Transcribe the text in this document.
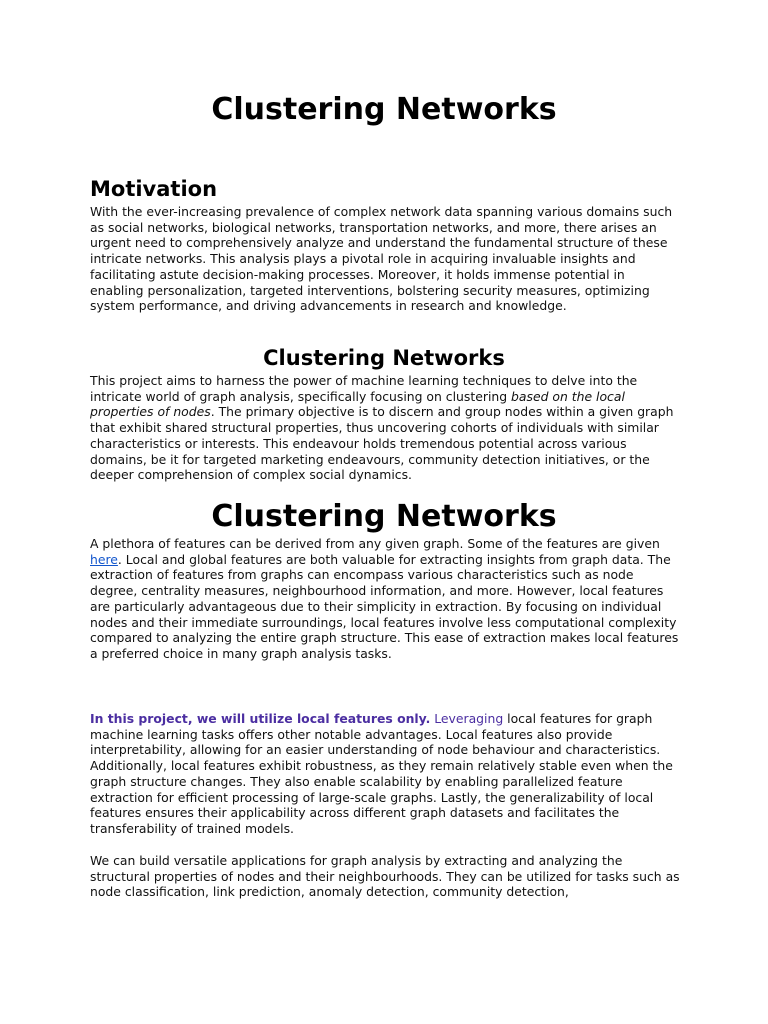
Clustering Networks
Motivation

With the ever-increasing prevalence of complex network data spanning various domains such as social networks, biological networks, transportation networks, and more, there arises an urgent need to comprehensively analyze and understand the fundamental structure of these intricate networks. This analysis plays a pivotal role in acquiring invaluable insights and facilitating astute decision-making processes. Moreover, it holds immense potential in enabling personalization, targeted interventions, bolstering security measures, optimizing system performance, and driving advancements in research and knowledge.

Clustering Networks

This project aims to harness the power of machine learning techniques to delve into the intricate world of graph analysis, specifically focusing on clustering based on the local properties of nodes. The primary objective is to discern and group nodes within a given graph that exhibit shared structural properties, thus uncovering cohorts of individuals with similar characteristics or interests. This endeavour holds tremendous potential across various domains, be it for targeted marketing endeavours, community detection initiatives, or the deeper comprehension of complex social dynamics.

Clustering Networks

A plethora of features can be derived from any given graph. Some of the features are given here. Local and global features are both valuable for extracting insights from graph data. The extraction of features from graphs can encompass various characteristics such as node degree, centrality measures, neighbourhood information, and more. However, local features are particularly advantageous due to their simplicity in extraction. By focusing on individual nodes and their immediate surroundings, local features involve less computational complexity compared to analyzing the entire graph structure. This ease of extraction makes local features a preferred choice in many graph analysis tasks.

In this project, we will utilize local features only. Leveraging local features for graph machine learning tasks offers other notable advantages. Local features also provide interpretability, allowing for an easier understanding of node behaviour and characteristics. Additionally, local features exhibit robustness, as they remain relatively stable even when the graph structure changes. They also enable scalability by enabling parallelized feature extraction for efficient processing of large-scale graphs. Lastly, the generalizability of local features ensures their applicability across different graph datasets and facilitates the transferability of trained models.

We can build versatile applications for graph analysis by extracting and analyzing the structural properties of nodes and their neighbourhoods. They can be utilized for tasks such as node classification, link prediction, anomaly detection, community detection,
